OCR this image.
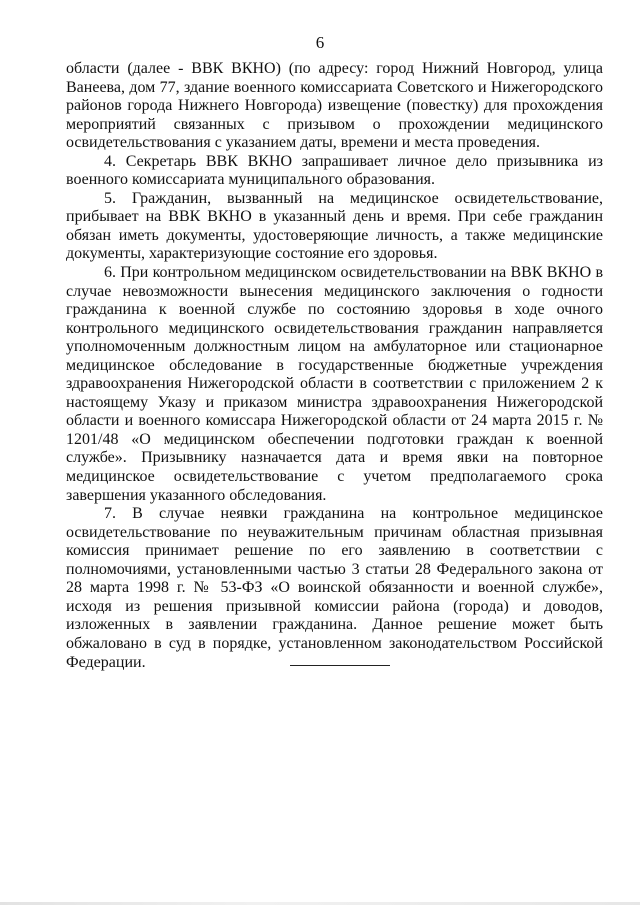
6

области (далее - ВВК ВКНО) (по адресу: город Нижний Новгород, улица Ванеева, дом 77, здание военного комиссариата Советского и Нижегородского районов города Нижнего Новгорода) извещение (повестку) для прохождения мероприятий связанных с призывом о прохождении медицинского освидетельствования с указанием даты, времени и места проведения.

4. Секретарь ВВК ВКНО запрашивает личное дело призывника из военного комиссариата муниципального образования.

5. Гражданин, вызванный на медицинское освидетельствование, прибывает на ВВК ВКНО в указанный день и время. При себе гражданин обязан иметь документы, удостоверяющие личность, а также медицинские документы, характеризующие состояние его здоровья.

6. При контрольном медицинском освидетельствовании на ВВК ВКНО в случае невозможности вынесения медицинского заключения о годности гражданина к военной службе по состоянию здоровья в ходе очного контрольного медицинского освидетельствования гражданин направляется уполномоченным должностным лицом на амбулаторное или стационарное медицинское обследование в государственные бюджетные учреждения здравоохранения Нижегородской области в соответствии с приложением 2 к настоящему Указу и приказом министра здравоохранения Нижегородской области и военного комиссара Нижегородской области от 24 марта 2015 г. № 1201/48 «О медицинском обеспечении подготовки граждан к военной службе». Призывнику назначается дата и время явки на повторное медицинское освидетельствование с учетом предполагаемого срока завершения указанного обследования.

7. В случае неявки гражданина на контрольное медицинское освидетельствование по неуважительным причинам областная призывная комиссия принимает решение по его заявлению в соответствии с полномочиями, установленными частью 3 статьи 28 Федерального закона от 28 марта 1998 г. № 53-ФЗ «О воинской обязанности и военной службе», исходя из решения призывной комиссии района (города) и доводов, изложенных в заявлении гражданина. Данное решение может быть обжаловано в суд в порядке, установленном законодательством Российской Федерации.
